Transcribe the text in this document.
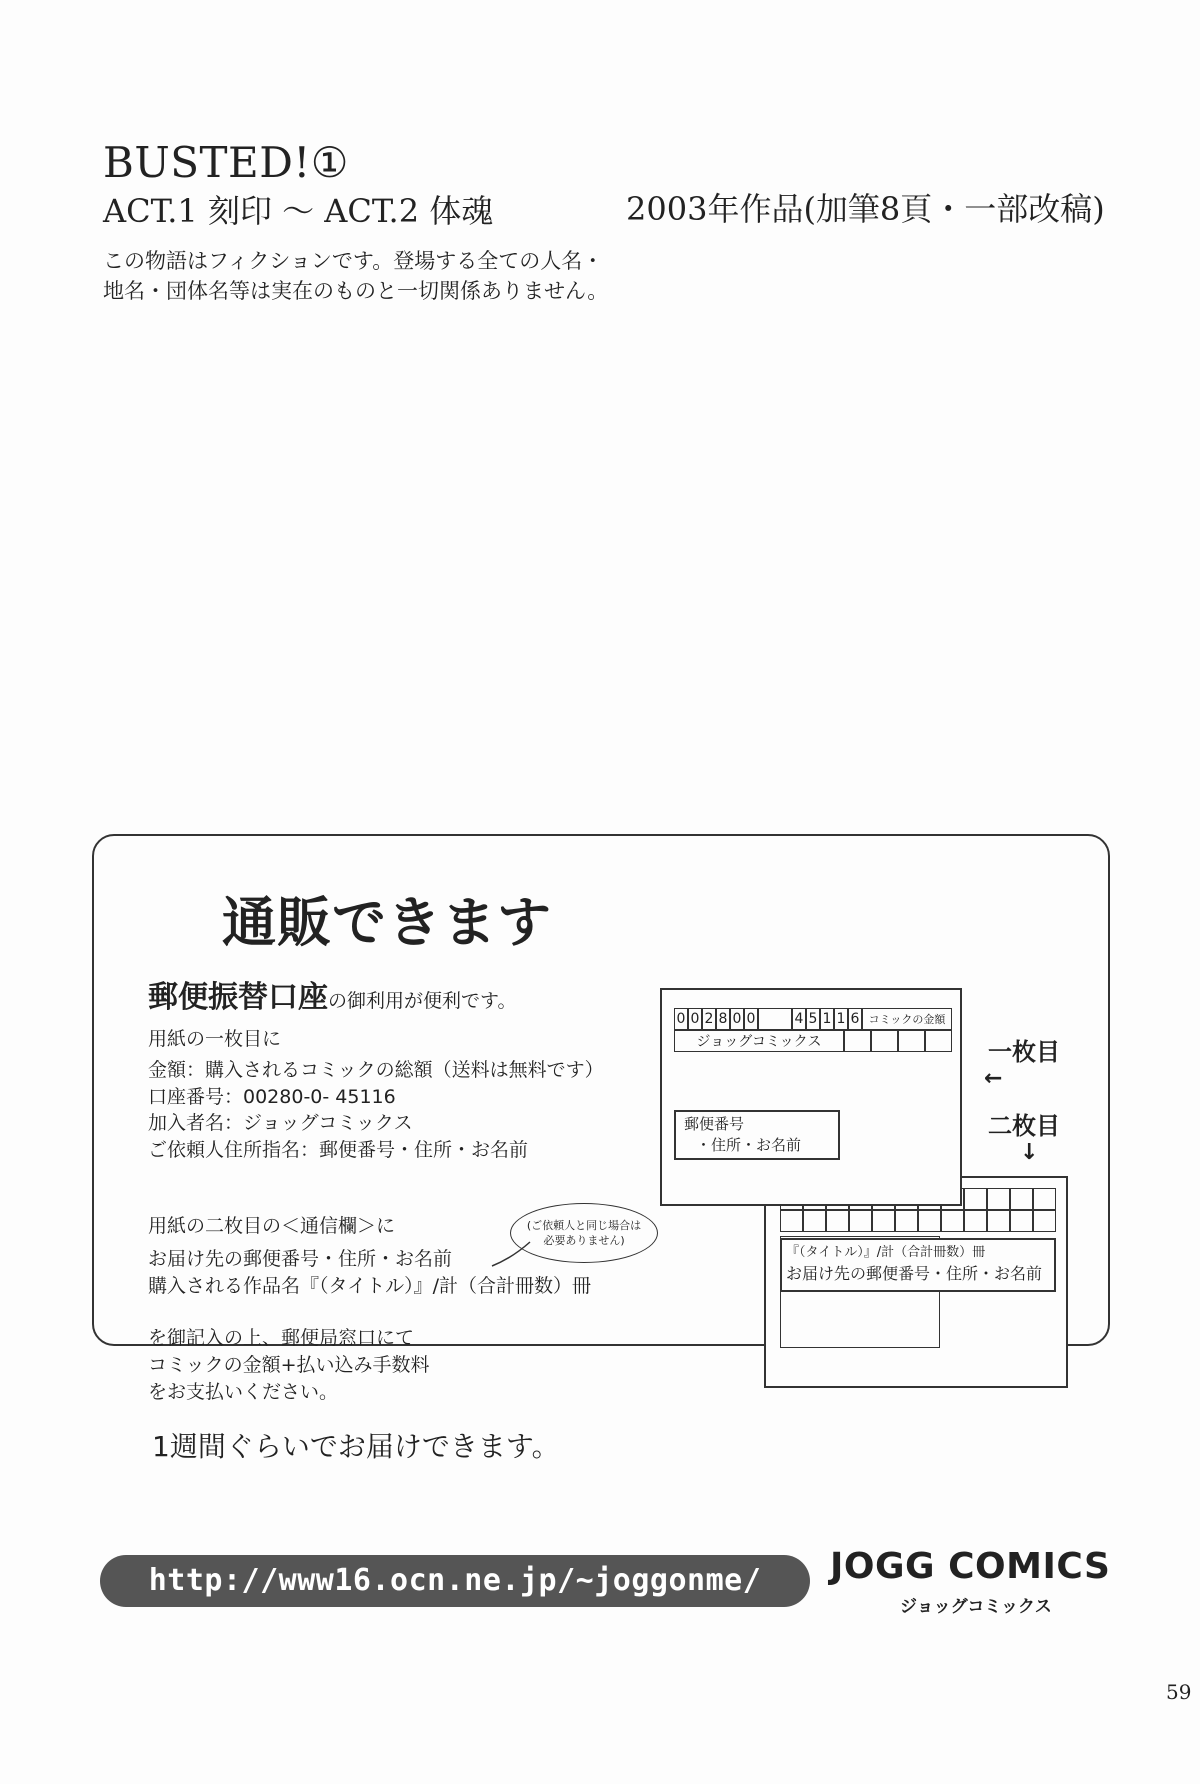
BUSTED!①
ACT.1 刻印 〜 ACT.2 体魂	2003年作品(加筆8頁・一部改稿)
この物語はフィクションです。登場する全ての人名・
地名・団体名等は実在のものと一切関係ありません。
通販できます
郵便振替口座の御利用が便利です。
用紙の一枚目に
金額：購入されるコミックの総額（送料は無料です）
口座番号：00280-0- 45116
加入者名：ジョッグコミックス
ご依頼人住所指名：郵便番号・住所・お名前
用紙の二枚目の＜通信欄＞に
お届け先の郵便番号・住所・お名前
購入される作品名『（タイトル）』/計（合計冊数）冊
を御記入の上、郵便局窓口にて
コミックの金額+払い込み手数料
をお支払いください。
1週間ぐらいでお届けできます。
(ご依頼人と同じ場合は
必要ありません)
『（タイトル）』/計（合計冊数）冊
お届け先の郵便番号・住所・お名前
0 0 2 8 0 0	4 5 1 1 6 コミックの金額
ジョッグコミックス
郵便番号
・住所・お名前
一枚目
←
二枚目
↓
http://www16.ocn.ne.jp/~joggonme/	JOGG COMICS
ジョッグコミックス
59
